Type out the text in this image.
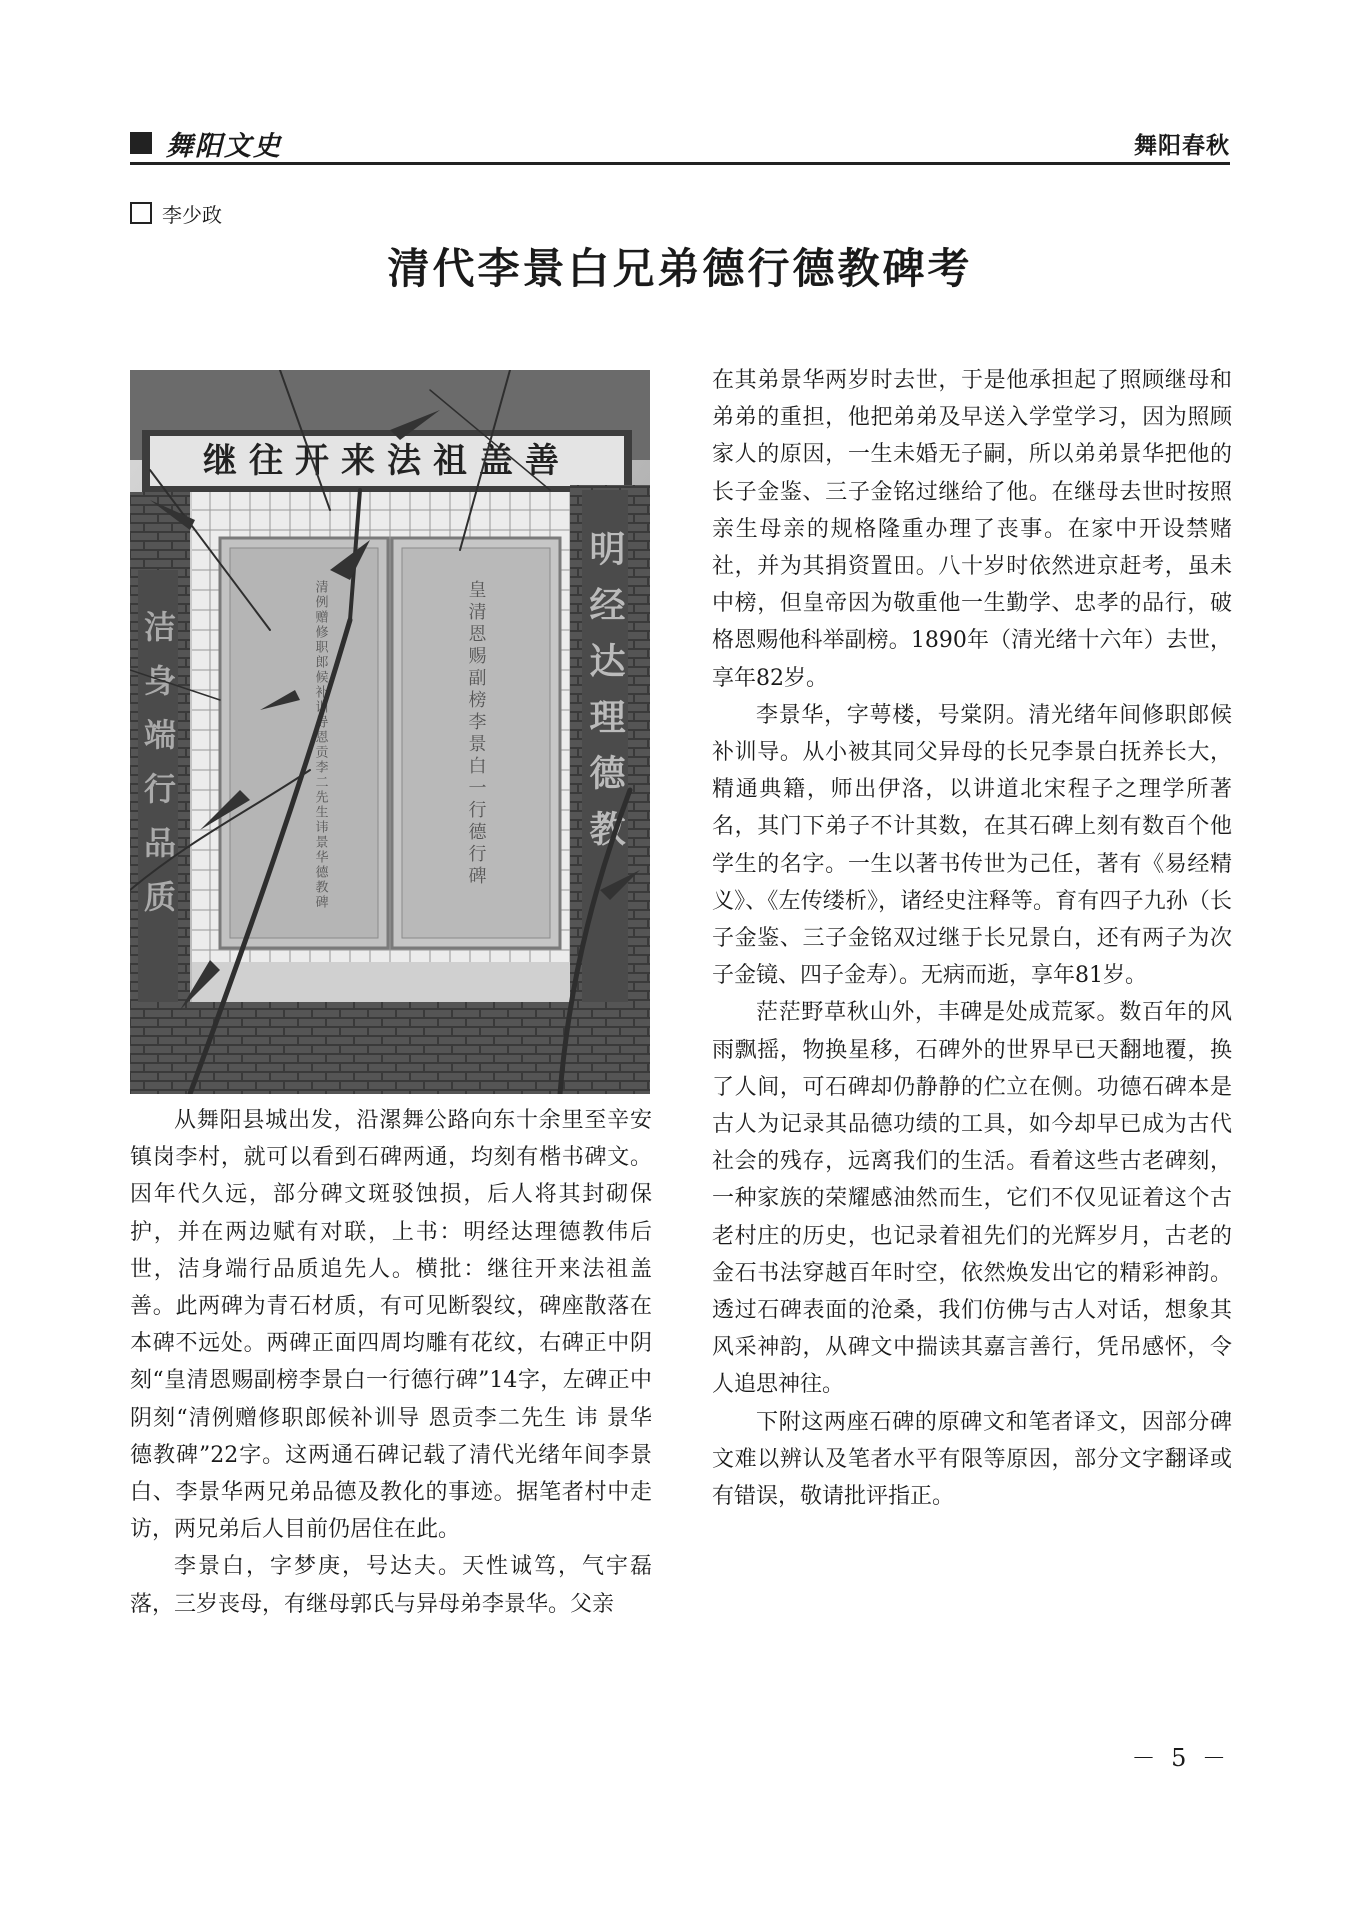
舞阳文史	舞阳春秋
李少政
清代李景白兄弟德行德教碑考
继往开来法祖盖善
明经达理德教
洁身端行品质	清例赠修职郎候补训导恩贡李二先生讳景华德教碑	皇清恩赐副榜李景白一行德行碑

从舞阳县城出发，沿漯舞公路向东十余里至辛安镇岗李村，就可以看到石碑两通，均刻有楷书碑文。因年代久远，部分碑文斑驳蚀损，后人将其封砌保护，并在两边赋有对联，上书：明经达理德教伟后世，洁身端行品质追先人。横批：继往开来法祖盖善。此两碑为青石材质，有可见断裂纹，碑座散落在本碑不远处。两碑正面四周均雕有花纹，右碑正中阴刻“皇清恩赐副榜李景白一行德行碑”14字，左碑正中阴刻“清例赠修职郎候补训导 恩贡李二先生 讳 景华 德教碑”22字。这两通石碑记载了清代光绪年间李景白、李景华两兄弟品德及教化的事迹。据笔者村中走访，两兄弟后人目前仍居住在此。

李景白，字梦庚，号达夫。天性诚笃，气宇磊落，三岁丧母，有继母郭氏与异母弟李景华。父亲

在其弟景华两岁时去世，于是他承担起了照顾继母和弟弟的重担，他把弟弟及早送入学堂学习，因为照顾家人的原因，一生未婚无子嗣，所以弟弟景华把他的长子金鉴、三子金铭过继给了他。在继母去世时按照亲生母亲的规格隆重办理了丧事。在家中开设禁赌社，并为其捐资置田。八十岁时依然进京赶考，虽未中榜，但皇帝因为敬重他一生勤学、忠孝的品行，破格恩赐他科举副榜。1890年（清光绪十六年）去世，享年82岁。

李景华，字萼楼，号棠阴。清光绪年间修职郎候补训导。从小被其同父异母的长兄李景白抚养长大，精通典籍，师出伊洛，以讲道北宋程子之理学所著名，其门下弟子不计其数，在其石碑上刻有数百个他学生的名字。一生以著书传世为己任，著有《易经精义》、《左传缕析》，诸经史注释等。育有四子九孙（长子金鉴、三子金铭双过继于长兄景白，还有两子为次子金镜、四子金寿）。无病而逝，享年81岁。

茫茫野草秋山外，丰碑是处成荒冢。数百年的风雨飘摇，物换星移，石碑外的世界早已天翻地覆，换了人间，可石碑却仍静静的伫立在侧。功德石碑本是古人为记录其品德功绩的工具，如今却早已成为古代社会的残存，远离我们的生活。看着这些古老碑刻，一种家族的荣耀感油然而生，它们不仅见证着这个古老村庄的历史，也记录着祖先们的光辉岁月，古老的金石书法穿越百年时空，依然焕发出它的精彩神韵。透过石碑表面的沧桑，我们仿佛与古人对话，想象其风采神韵，从碑文中揣读其嘉言善行，凭吊感怀，令人追思神往。

下附这两座石碑的原碑文和笔者译文，因部分碑文难以辨认及笔者水平有限等原因，部分文字翻译或有错误，敬请批评指正。

－ 5 －
